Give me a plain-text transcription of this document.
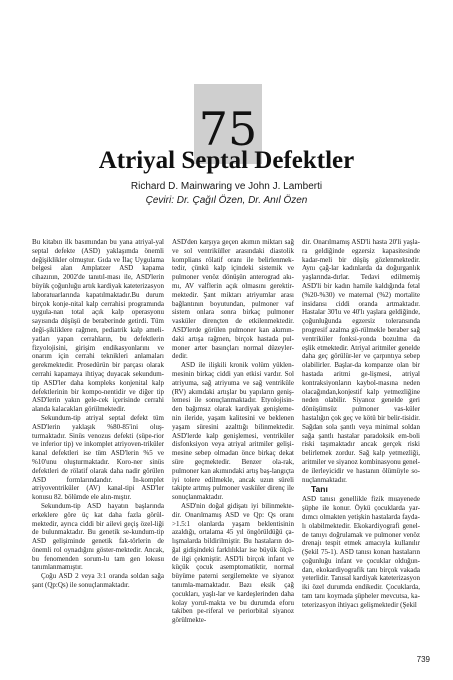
75
Atriyal Septal Defektler
Richard D. Mainwaring ve John J. Lamberti
Çeviri: Dr. Çağıl Özen, Dr. Anıl Özen

Bu kitabın ilk basımından bu yana atriyal-yal septal defekte (ASD) yaklaşımda önemli değişiklikler olmuştur. Gıda ve İlaç Uygulama belgesi alan Amplatzer ASD kapama cihazının, 2002'de tanıtıl-ması ile, ASD'lerin büyük çoğunluğu artık kardiyak kateterizasyon laboratuarlarında kapatılmaktadır.Bu durum birçok konje-nital kalp cerrahisi programında uygula-nan total açık kalp operasyonu sayısında düşüşü de beraberinde getirdi. Tüm deği-şikliklere rağmen, pediatrik kalp ameli-yatları yapan cerrahların, bu defektlerin fizyolojisini, girişim endikasyonlarını ve onarım için cerrahi teknikleri anlamaları gerekmektedir. Prosedürün bir parçası olarak cerrahi kapamaya ihtiyaç duyacak sekundum-tip ASD'ler daha kompleks konjenital kalp defektlerinin bir kompo-nentidir ve diğer tip ASD'lerin yakın gele-cek içerisinde cerrahi alanda kalacakları görülmektedir.

Sekundum-tip atriyal septal defekt tüm ASD'lerin yaklaşık %80-85'ini oluş-turmaktadır. Sinüs venozus defekti (süpe-rior ve inferior tip) ve inkomplet atriyoven-triküler kanal defektleri ise tüm ASD'lerin %5 ve %10'unu oluşturmaktadır. Koro-ner sinüs defektleri de rölatif olarak daha nadir görülen ASD formlarındandır. İn-komplet atriyoventriküler (AV) kanal-tipi ASD'ler konusu 82. bölümde ele alın-mıştır.

Sekundum-tip ASD hayatın başlarında erkeklere göre üç kat daha fazla görül-mektedir, ayrıca ciddi bir ailevi geçiş özel-liği de bulunmaktadır. Bu genetik se-kundum-tip ASD gelişiminde genetik fak-törlerin de önemli rol oynadığını göster-mektedir. Ancak, bu fenomenden sorum-lu tam gen lokusu tanımlanmamıştır.

Çoğu ASD 2 veya 3:1 oranda soldan sağa şant (Qp:Qs) ile sonuçlanmaktadır.

ASD'den karşıya geçen akımın miktarı sağ ve sol ventriküller arasındaki diastolik komplians rölatif oranı ile belirlenmek-tedir, çünkü kalp içindeki sistemik ve pulmoner venöz dönüşün anterograd akı-mı, AV valflerin açık olmasını gerektir-mektedir. Şant miktarı atriyumlar arası bağlantının boyutundan, pulmoner vaf sistem onlara sonra birkaç pulmoner vasküler dirençten de etkilenmektedir. ASD'lerde görülen pulmoner kan akımın-daki artışa rağmen, birçok hastada pul-moner arter basınçları normal düzeyler-dedir.

ASD ile ilişkili kronik volüm yüklen-mesinin birkaç ciddi yan etkisi vardır. Sol atriyuma, sağ atriyuma ve sağ ventriküle (RV) akımdaki artışlar bu yapıların geniş-lemesi ile sonuçlanmaktadır. Etyolojisin-den bağımsız olarak kardiyak genişleme-nin ileride, yaşam kalitesini ve beklenen yaşam süresini azalttığı bilinmektedir. ASD'lerde kalp genişlemesi, ventriküler disfonksiyon veya atriyal aritmiler gelişi-mesine sebep olmadan önce birkaç dekat süre geçmektedir. Benzer ola-rak, pulmoner kan akımındaki artış baş-langıçta iyi tolere edilmekle, ancak uzun süreli takipte artmış pulmoner vasküler direnç ile sonuçlanmaktadır.

ASD'nin doğal gidişatı iyi bilinmekte-dir. Onarılmamış ASD ve Qp: Qs oranı >1.5:1 olanlarda yaşam beklentisinin azaldığı, ortalama 45 yıl öngörüldüğü ça-lışmalarda bildirilmiştir. Bu hastaların do-ğal gidişindeki farklılıklar ise büyük ölçü-de ilgi çekmiştir. ASD'li birçok infant ve küçük çocuk asemptomatiktir, normal büyüme paterni sergilemekte ve siyanoz tanımla-mamaktadır. Bazı eksik çağ çocukları, yaşlı-lar ve kardeşlerinden daha kolay yorul-makta ve bu durumda eforu takiben pe-riferal ve periorbital siyanoz görülmekte-

dir. Onarılmamış ASD'li hasta 20'li yaşla-ra geldiğinde egzersiz kapasitesinde kadar-meli bir düşüş gözlenmektedir. Aynı çağ-lar kadınlarda da doğurganlık yaşlarında-dırlar. Tedavi edilmemiş ASD'li bir kadın hamile kaldığında fetal (%20-%30) ve maternal (%2) mortalite insidansı ciddi oranda artmaktadır. Hastalar 30'lu ve 40'lı yaşlara geldiğinde, çoğunluğunda egzersiz toleransında progresif azalma gö-rülmekle beraber sağ ventriküler fonksi-yonda bozulma da eşlik etmektedir. Atriyal aritmiler genelde daha geç görülür-ler ve çarpıntıya sebep olabilirler. Başlar-da kompanze olan bir hastada aritmi ge-lişmesi, atriyal kontraksiyonların kaybol-masına neden olacağından,konjestif kalp yetmezliğine neden olabilir. Siyanoz genelde geri dönüşümsüz pulmoner vas-küler hastalığın çok geç ve kötü bir belir-tisidir. Sağdan sola şantlı veya minimal soldan sağa şantlı hastalar paradoksik em-boli riski taşımaktadır ancak gerçek riski belirlemek zordur. Sağ kalp yetmezliği, aritmiler ve siyanoz kombinasyonu genel-de ilerleyicidir ve hastanın ölümüyle so-nuçlanmaktadır.

Tanı

ASD tanısı genellikle fizik muayenede şüphe ile konur. Öykü çocuklarda yar-dımcı olmakten yetişkin hastalarda fayda-lı olabilmektedir. Ekokardiyografi genel-de tanıyı doğrulamak ve pulmoner venöz drenajı tespit etmek amacıyla kullanılır (Şekil 75-1). ASD tanısı konan hastaların çoğunluğu infant ve çocuklar olduğun-dan, ekokardiyografik tanı birçok vakada yeterlidir. Tanısal kardiyak kateterizasyon iki özel durumda endikedir. Çocuklarda, tam tanı koymada şüpheler mevcutsa, ka-teterizasyon ihtiyacı gelişmektedir (Şekil

739
